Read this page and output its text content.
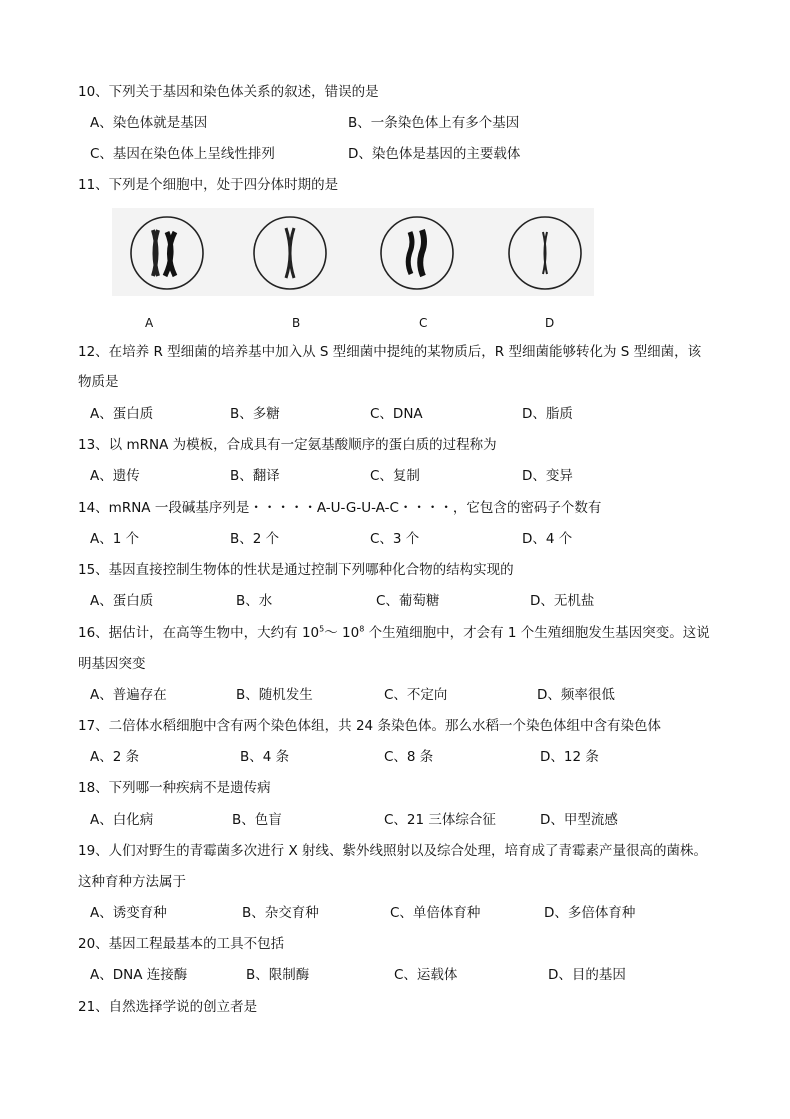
10、下列关于基因和染色体关系的叙述，错误的是
A、染色体就是基因	B、一条染色体上有多个基因
C、基因在染色体上呈线性排列	D、染色体是基因的主要载体
11、下列是个细胞中，处于四分体时期的是
A	B	C	D
12、在培养 R 型细菌的培养基中加入从 S 型细菌中提纯的某物质后，R 型细菌能够转化为 S 型细菌，该
物质是
A、蛋白质	B、多糖	C、DNA	D、脂质
13、以 mRNA 为模板，合成具有一定氨基酸顺序的蛋白质的过程称为
A、遗传	B、翻译	C、复制	D、变异
14、mRNA 一段碱基序列是・・・・・A-U-G-U-A-C・・・・，它包含的密码子个数有
A、1 个	B、2 个	C、3 个	D、4 个
15、基因直接控制生物体的性状是通过控制下列哪种化合物的结构实现的
A、蛋白质	B、水	C、葡萄糖	D、无机盐
16、据估计，在高等生物中，大约有 $10^5\sim$ $10^8$ 个生殖细胞中，才会有 1 个生殖细胞发生基因突变。这说
明基因突变
A、普遍存在	B、随机发生	C、不定向	D、频率很低
17、二倍体水稻细胞中含有两个染色体组，共 24 条染色体。那么水稻一个染色体组中含有染色体
A、2 条	B、4 条	C、8 条	D、12 条
18、下列哪一种疾病不是遗传病
A、白化病	B、色盲	C、21 三体综合征	D、甲型流感
19、人们对野生的青霉菌多次进行 X 射线、紫外线照射以及综合处理，培育成了青霉素产量很高的菌株。
这种育种方法属于
A、诱变育种	B、杂交育种	C、单倍体育种	D、多倍体育种
20、基因工程最基本的工具不包括
A、DNA 连接酶	B、限制酶	C、运载体	D、目的基因
21、自然选择学说的创立者是
